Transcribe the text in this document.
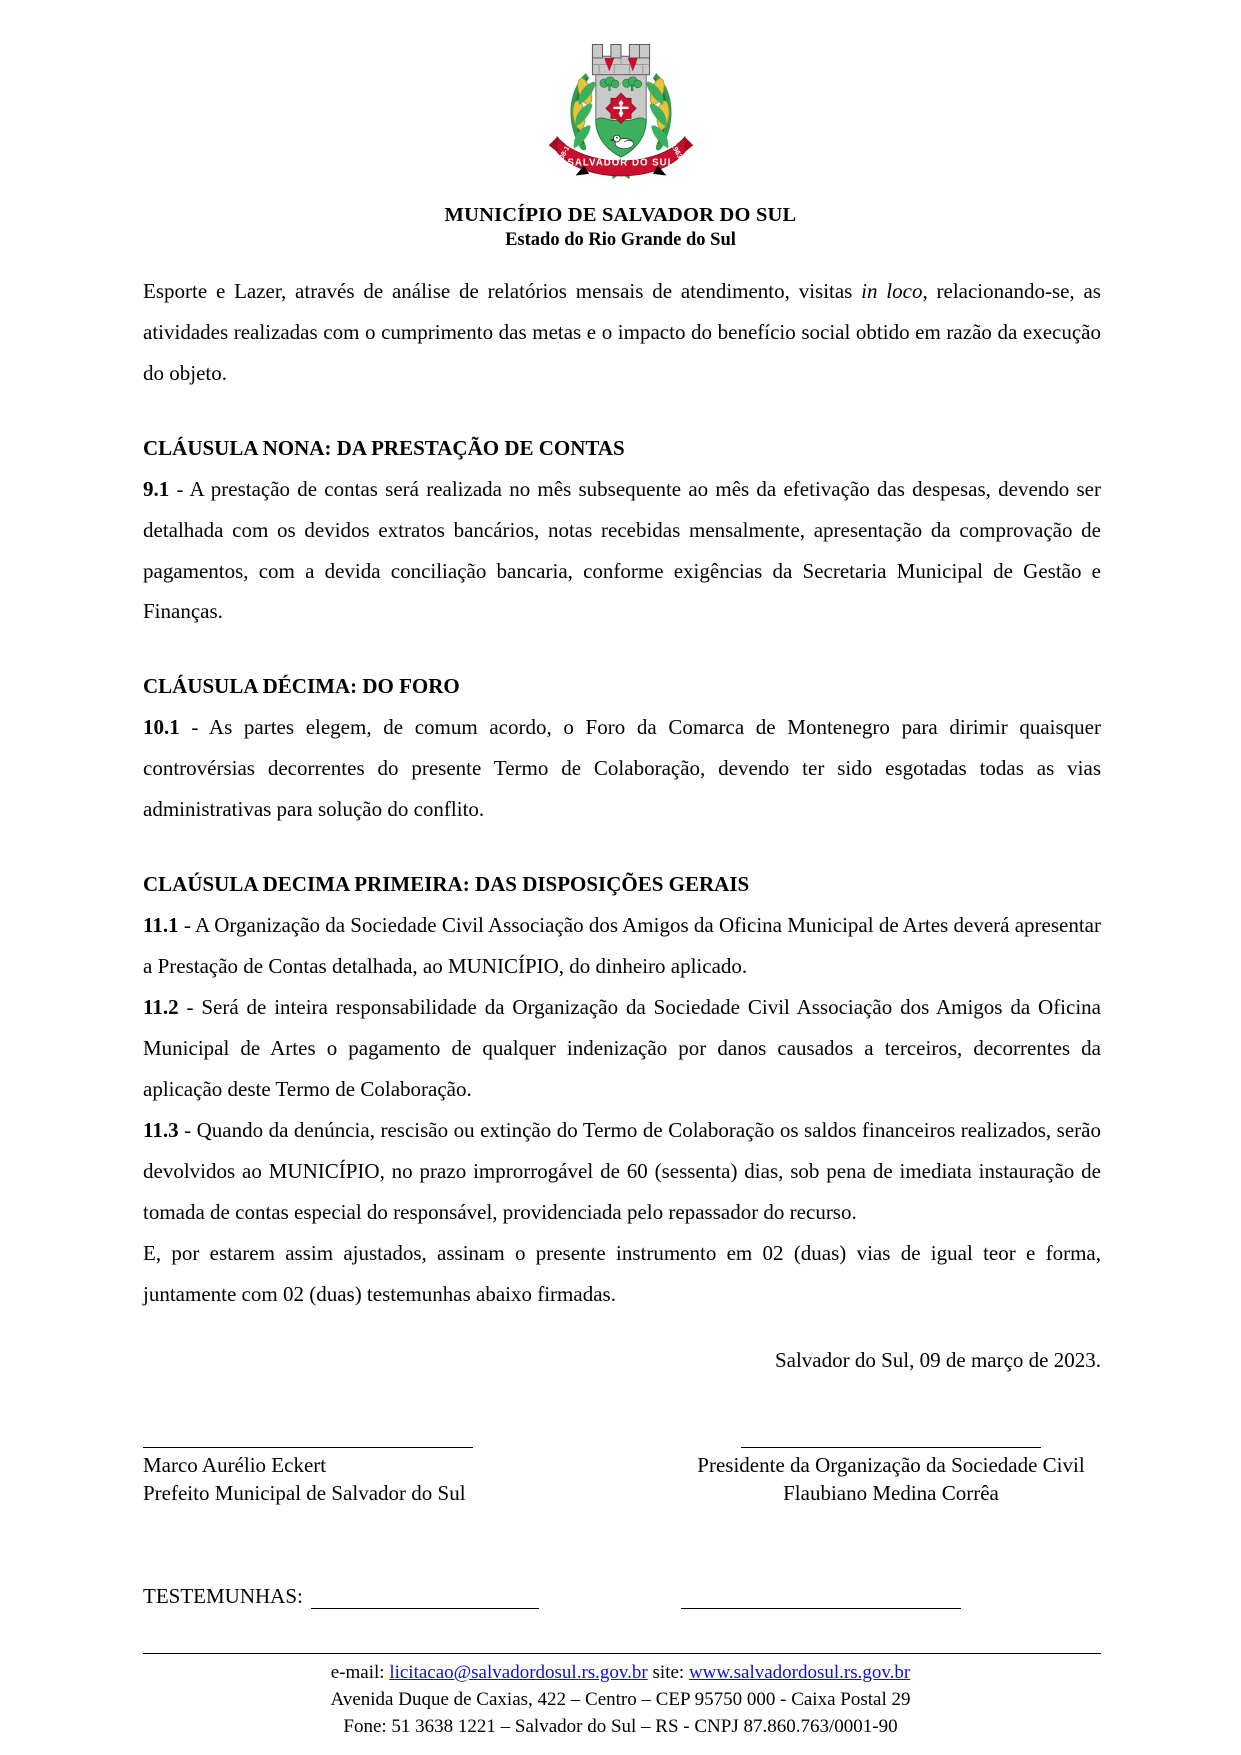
SALVADOR DO SUL
08-10	1963
MUNICÍPIO DE SALVADOR DO SUL
Estado do Rio Grande do Sul

Esporte e Lazer, através de análise de relatórios mensais de atendimento, visitas in loco, relacionando-se, as atividades realizadas com o cumprimento das metas e o impacto do benefício social obtido em razão da execução do objeto.

CLÁUSULA NONA: DA PRESTAÇÃO DE CONTAS

9.1 - A prestação de contas será realizada no mês subsequente ao mês da efetivação das despesas, devendo ser detalhada com os devidos extratos bancários, notas recebidas mensalmente, apresentação da comprovação de pagamentos, com a devida conciliação bancaria, conforme exigências da Secretaria Municipal de Gestão e Finanças.

CLÁUSULA DÉCIMA: DO FORO

10.1 - As partes elegem, de comum acordo, o Foro da Comarca de Montenegro para dirimir quaisquer controvérsias decorrentes do presente Termo de Colaboração, devendo ter sido esgotadas todas as vias administrativas para solução do conflito.

CLAÚSULA DECIMA PRIMEIRA: DAS DISPOSIÇÕES GERAIS

11.1 - A Organização da Sociedade Civil Associação dos Amigos da Oficina Municipal de Artes deverá apresentar a Prestação de Contas detalhada, ao MUNICÍPIO, do dinheiro aplicado.

11.2 - Será de inteira responsabilidade da Organização da Sociedade Civil Associação dos Amigos da Oficina Municipal de Artes o pagamento de qualquer indenização por danos causados a terceiros, decorrentes da aplicação deste Termo de Colaboração.

11.3 - Quando da denúncia, rescisão ou extinção do Termo de Colaboração os saldos financeiros realizados, serão devolvidos ao MUNICÍPIO, no prazo improrrogável de 60 (sessenta) dias, sob pena de imediata instauração de tomada de contas especial do responsável, providenciada pelo repassador do recurso.

E, por estarem assim ajustados, assinam o presente instrumento em 02 (duas) vias de igual teor e forma, juntamente com 02 (duas) testemunhas abaixo firmadas.

Salvador do Sul, 09 de março de 2023.

Marco Aurélio Eckert
Prefeito Municipal de Salvador do Sul
Presidente da Organização da Sociedade Civil
Flaubiano Medina Corrêa
TESTEMUNHAS:
e-mail: licitacao@salvadordosul.rs.gov.br site: www.salvadordosul.rs.gov.br
Avenida Duque de Caxias, 422 – Centro – CEP 95750 000 - Caixa Postal 29
Fone: 51 3638 1221 – Salvador do Sul – RS - CNPJ 87.860.763/0001-90
